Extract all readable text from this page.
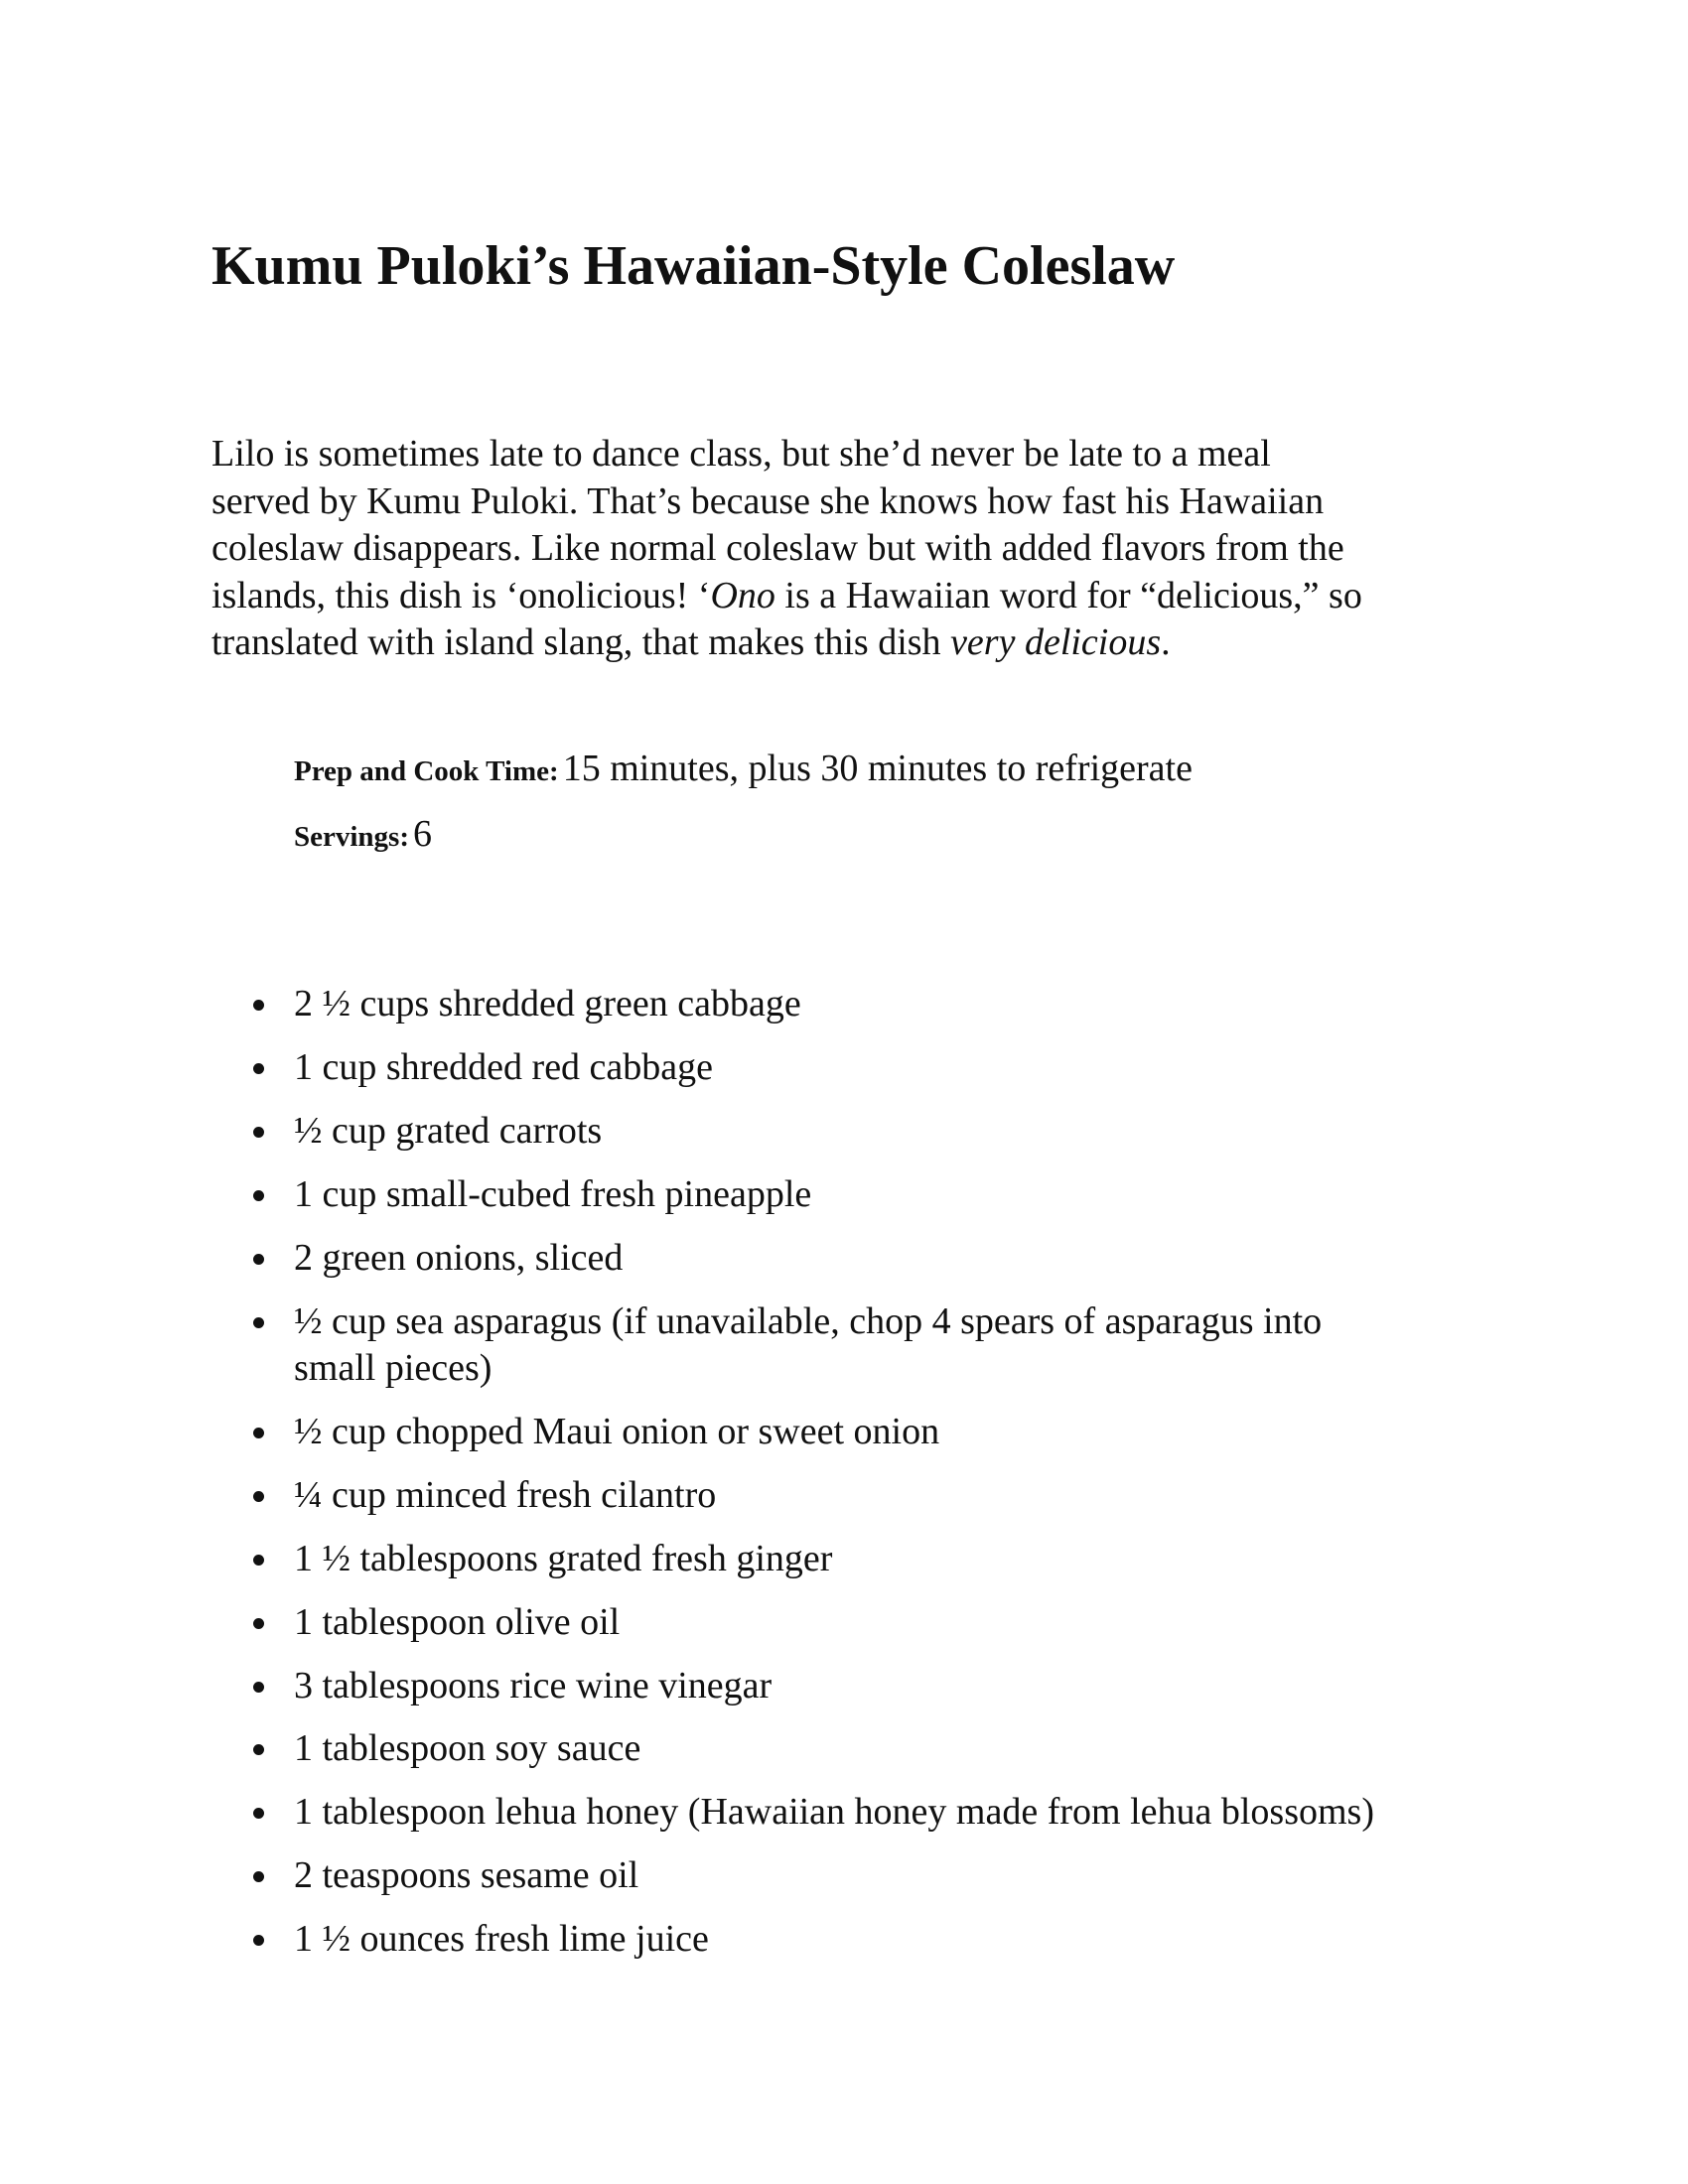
Kumu Puloki’s Hawaiian-Style Coleslaw

Lilo is sometimes late to dance class, but she’d never be late to a meal
served by Kumu Puloki. That’s because she knows how fast his Hawaiian
coleslaw disappears. Like normal coleslaw but with added flavors from the
islands, this dish is ‘onolicious! ‘Ono is a Hawaiian word for “delicious,” so
translated with island slang, that makes this dish very delicious.

Prep and Cook Time: 15 minutes, plus 30 minutes to refrigerate

Servings: 6

2 ½ cups shredded green cabbage
1 cup shredded red cabbage
½ cup grated carrots
1 cup small-cubed fresh pineapple
2 green onions, sliced
½ cup sea asparagus (if unavailable, chop 4 spears of asparagus into
small pieces)
½ cup chopped Maui onion or sweet onion
¼ cup minced fresh cilantro
1 ½ tablespoons grated fresh ginger
1 tablespoon olive oil
3 tablespoons rice wine vinegar
1 tablespoon soy sauce
1 tablespoon lehua honey (Hawaiian honey made from lehua blossoms)
2 teaspoons sesame oil
1 ½ ounces fresh lime juice
